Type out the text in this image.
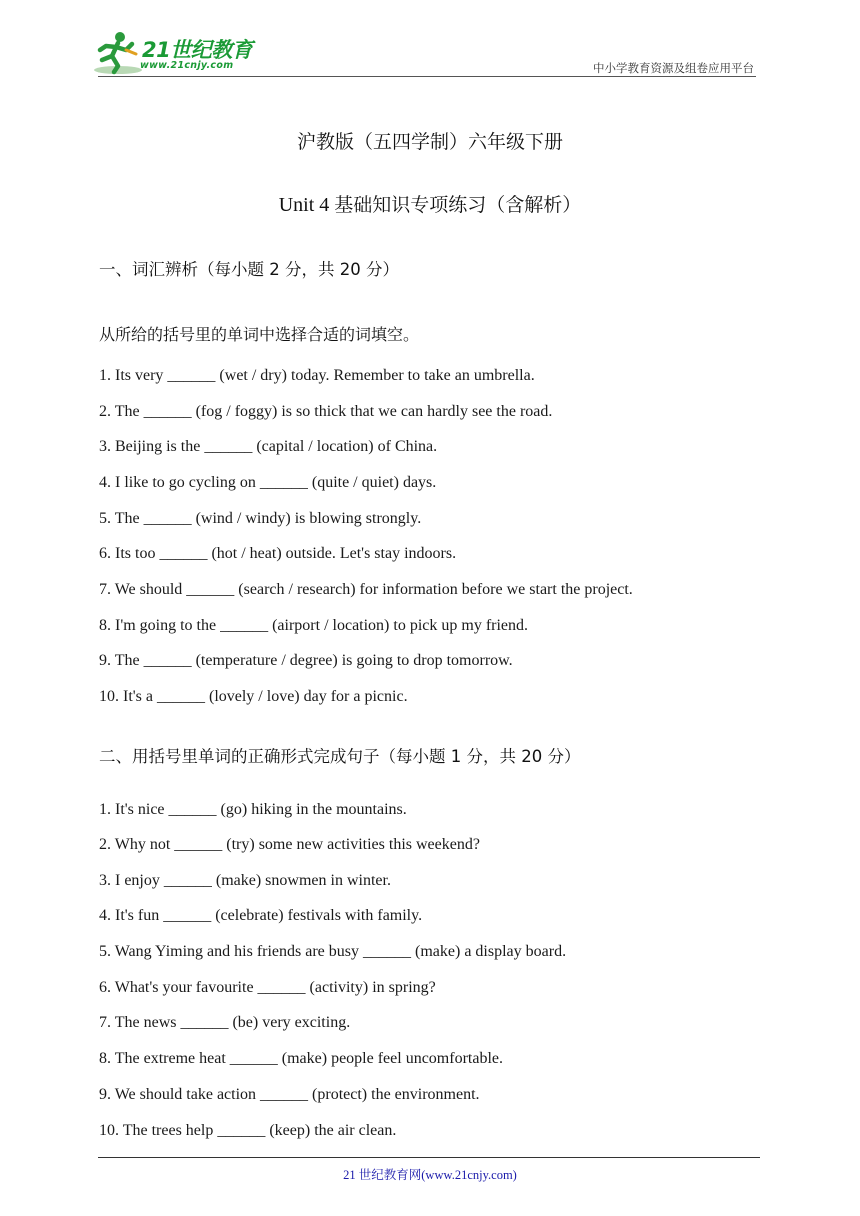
21世纪教育
www.21cnjy.com	中小学教育资源及组卷应用平台
沪教版（五四学制）六年级下册
Unit 4 基础知识专项练习（含解析）
一、词汇辨析（每小题 2 分，共 20 分）
从所给的括号里的单词中选择合适的词填空。
1. Its very ______ (wet / dry) today. Remember to take an umbrella.
2. The ______ (fog / foggy) is so thick that we can hardly see the road.
3. Beijing is the ______ (capital / location) of China.
4. I like to go cycling on ______ (quite / quiet) days.
5. The ______ (wind / windy) is blowing strongly.
6. Its too ______ (hot / heat) outside. Let's stay indoors.
7. We should ______ (search / research) for information before we start the project.
8. I'm going to the ______ (airport / location) to pick up my friend.
9. The ______ (temperature / degree) is going to drop tomorrow.
10. It's a ______ (lovely / love) day for a picnic.
二、用括号里单词的正确形式完成句子（每小题 1 分，共 20 分）
1. It's nice ______ (go) hiking in the mountains.
2. Why not ______ (try) some new activities this weekend?
3. I enjoy ______ (make) snowmen in winter.
4. It's fun ______ (celebrate) festivals with family.
5. Wang Yiming and his friends are busy ______ (make) a display board.
6. What's your favourite ______ (activity) in spring?
7. The news ______ (be) very exciting.
8. The extreme heat ______ (make) people feel uncomfortable.
9. We should take action ______ (protect) the environment.
10. The trees help ______ (keep) the air clean.
21 世纪教育网(www.21cnjy.com)
